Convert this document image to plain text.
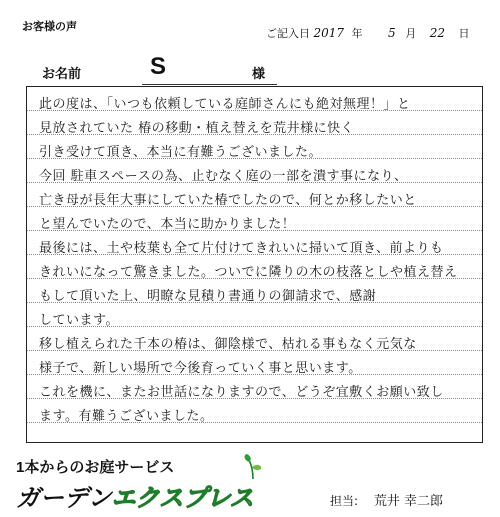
お客様の声
ご記入日 2017 年 5 月 22 日
お名前	S	様
此の度は、「いつも依頼している庭師さんにも絶対無理！」と
見放されていた 椿の移動・植え替えを荒井様に快く
引き受けて頂き、本当に有難うございました。
今回 駐車スペースの為、止むなく庭の一部を潰す事になり、
亡き母が長年大事にしていた椿でしたので、何とか移したいと
と望んでいたので、本当に助かりました！
最後には、土や枝葉も全て片付けてきれいに掃いて頂き、前よりも
きれいになって驚きました。ついでに隣りの木の枝落としや植え替え
もして頂いた上、明瞭な見積り書通りの御請求で、感謝
しています。
移し植えられた千本の椿は、御陰様で、枯れる事もなく元気な
様子で、新しい場所で今後育っていく事と思います。
これを機に、またお世話になりますので、どうぞ宜敷くお願い致し
ます。有難うございました。
1本からのお庭サービス
ガーデンエクスプレス	担当: 荒井 幸二郎
